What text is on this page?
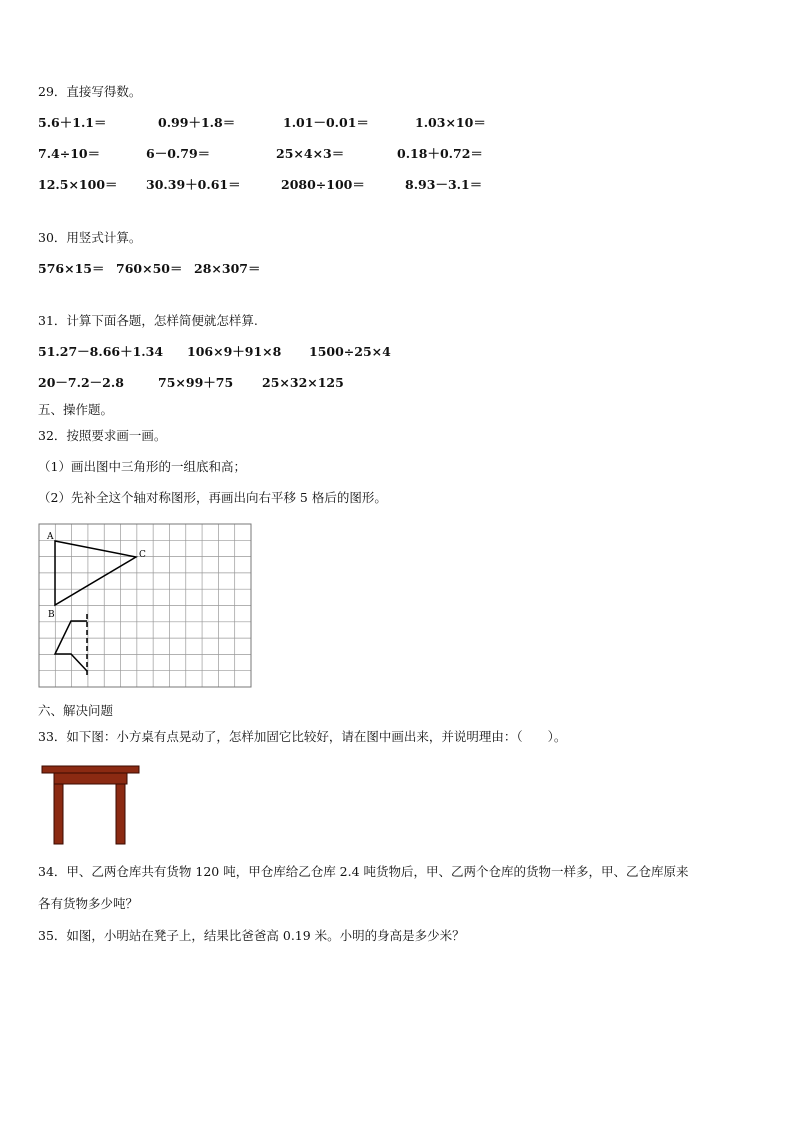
29．直接写得数。
5.6＋1.1＝	0.99＋1.8＝	1.01－0.01＝	1.03×10＝
7.4÷10＝	6－0.79＝	25×4×3＝	0.18＋0.72＝
12.5×100＝ 30.39＋0.61＝	2080÷100＝	8.93－3.1＝
30．用竖式计算。
576×15＝ 760×50＝ 28×307＝
31．计算下面各题，怎样简便就怎样算.
51.27－8.66＋1.34 106×9＋91×8 1500÷25×4
20－7.2－2.8	75×99＋75 25×32×125
五、操作题。
32．按照要求画一画。
（1）画出图中三角形的一组底和高；
（2）先补全这个轴对称图形，再画出向右平移 5 格后的图形。
A
B
C
六、解决问题
33．如下图：小方桌有点晃动了，怎样加固它比较好，请在图中画出来，并说明理由：（　　）。
34．甲、乙两仓库共有货物 120 吨，甲仓库给乙仓库 2.4 吨货物后，甲、乙两个仓库的货物一样多，甲、乙仓库原来
各有货物多少吨？
35．如图，小明站在凳子上，结果比爸爸高 0.19 米。小明的身高是多少米？
